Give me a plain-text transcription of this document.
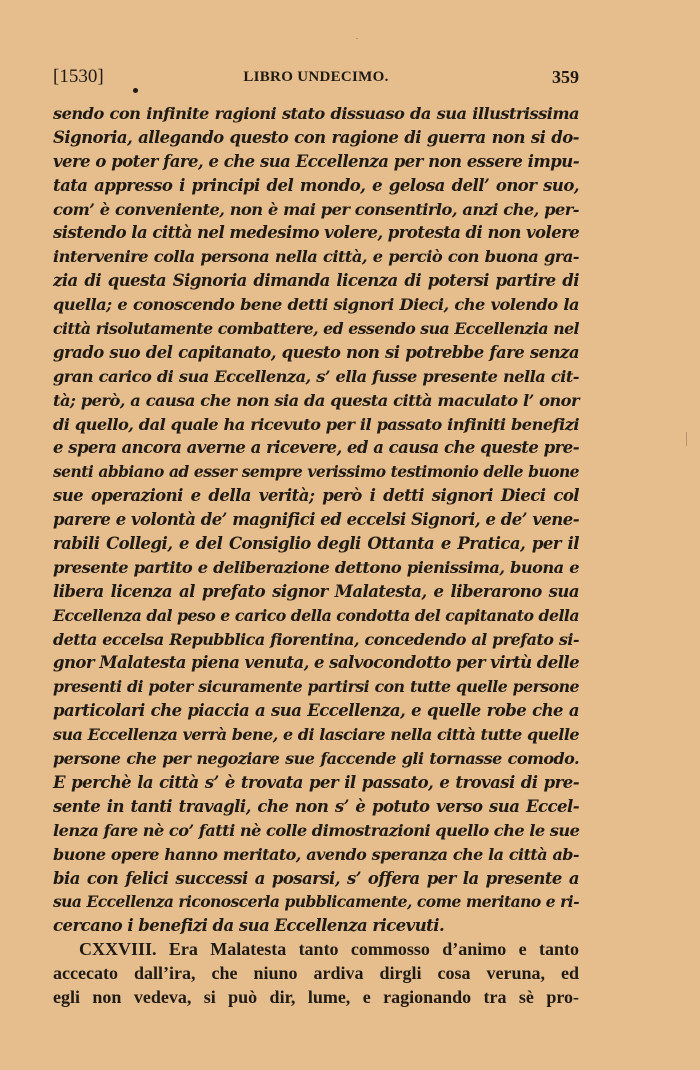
[1530]	LIBRO UNDECIMO.	359
sendo con infinite ragioni stato dissuaso da sua illustrissima
Signoria, allegando questo con ragione di guerra non si do-
vere o poter fare, e che sua Eccellenza per non essere impu-
tata appresso i principi del mondo, e gelosa dell’ onor suo,
com’ è conveniente, non è mai per consentirlo, anzi che, per-
sistendo la città nel medesimo volere, protesta di non volere
intervenire colla persona nella città, e perciò con buona gra-
zia di questa Signoria dimanda licenza di potersi partire di
quella; e conoscendo bene detti signori Dieci, che volendo la
città risolutamente combattere, ed essendo sua Eccellenzia nel
grado suo del capitanato, questo non si potrebbe fare senza
gran carico di sua Eccellenza, s’ ella fusse presente nella cit-
tà; però, a causa che non sia da questa città maculato l’ onor
di quello, dal quale ha ricevuto per il passato infiniti benefizi
e spera ancora averne a ricevere, ed a causa che queste pre-
senti abbiano ad esser sempre verissimo testimonio delle buone
sue operazioni e della verità; però i detti signori Dieci col
parere e volontà de’ magnifici ed eccelsi Signori, e de’ vene-
rabili Collegi, e del Consiglio degli Ottanta e Pratica, per il
presente partito e deliberazione dettono pienissima, buona e
libera licenza al prefato signor Malatesta, e liberarono sua
Eccellenza dal peso e carico della condotta del capitanato della
detta eccelsa Repubblica fiorentina, concedendo al prefato si-
gnor Malatesta piena venuta, e salvocondotto per virtù delle
presenti di poter sicuramente partirsi con tutte quelle persone
particolari che piaccia a sua Eccellenza, e quelle robe che a
sua Eccellenza verrà bene, e di lasciare nella città tutte quelle
persone che per negoziare sue faccende gli tornasse comodo.
E perchè la città s’ è trovata per il passato, e trovasi di pre-
sente in tanti travagli, che non s’ è potuto verso sua Eccel-
lenza fare nè co’ fatti nè colle dimostrazioni quello che le sue
buone opere hanno meritato, avendo speranza che la città ab-
bia con felici successi a posarsi, s’ offera per la presente a
sua Eccellenza riconoscerla pubblicamente, come meritano e ri-
cercano i benefizi da sua Eccellenza ricevuti.
CXXVIII. Era Malatesta tanto commosso d’animo e tanto
accecato dall’ira, che niuno ardiva dirgli cosa veruna, ed
egli non vedeva, si può dir, lume, e ragionando tra sè pro-
